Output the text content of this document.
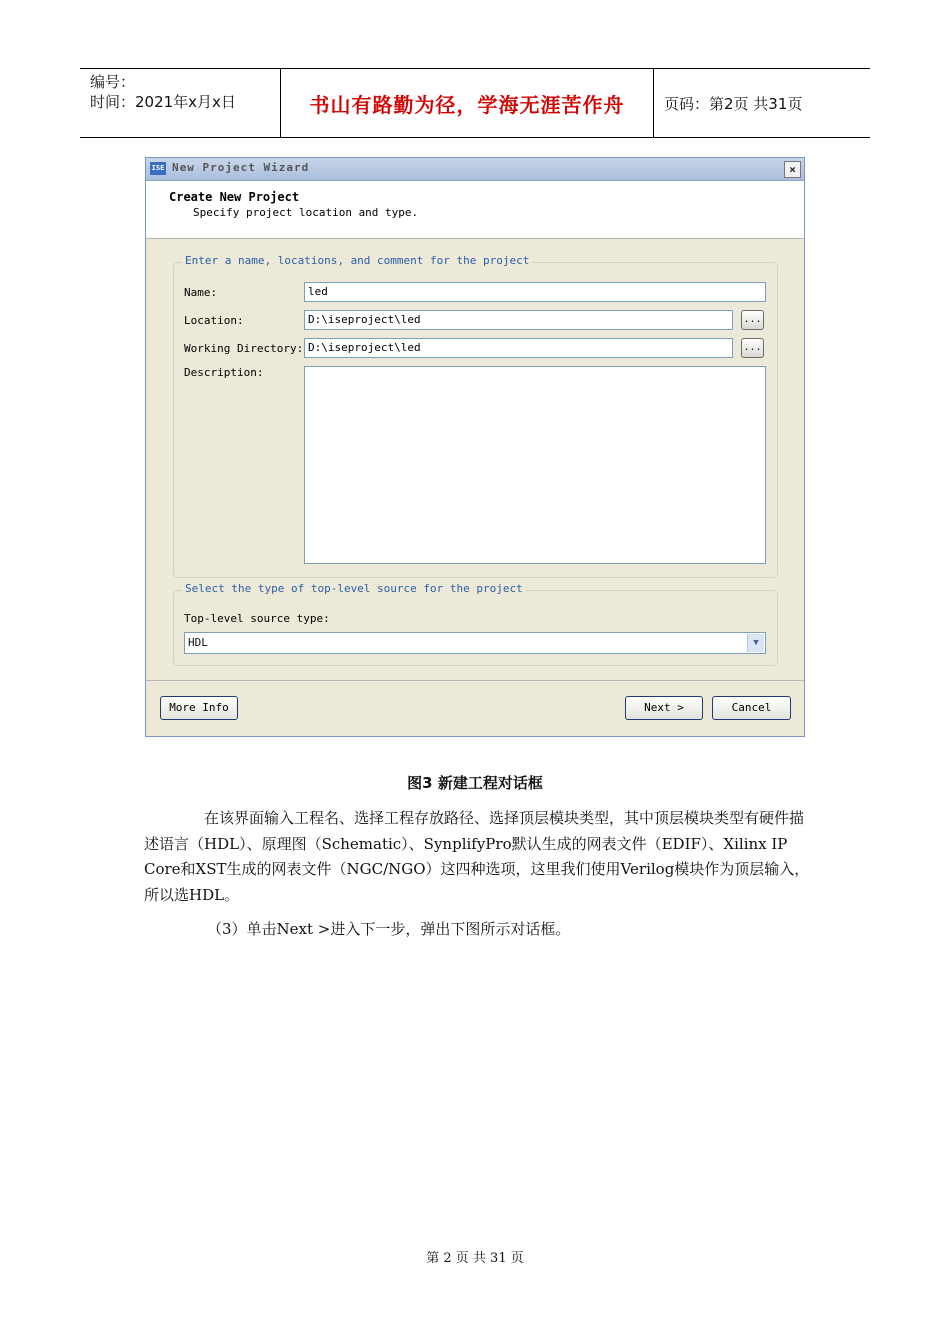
编号：
时间：2021年x月x日	书山有路勤为径，学海无涯苦作舟	页码：第2页 共31页
ISE New Project Wizard	×
Create New Project
Specify project location and type.
Enter a name, locations, and comment for the project
Name:	led
Location:	D:\iseproject\led	...
Working Directory: D:\iseproject\led	...
Description:
Select the type of top-level source for the project
Top-level source type:
HDL	▼
More Info	Next >	Cancel
图3 新建工程对话框

在该界面输入工程名、选择工程存放路径、选择顶层模块类型，其中顶层模块类型有硬件描述语言（HDL）、原理图（Schematic）、SynplifyPro默认生成的网表文件（EDIF）、Xilinx IP Core和XST生成的网表文件（NGC/NGO）这四种选项，这里我们使用Verilog模块作为顶层输入，所以选HDL。

（3）单击Next >进入下一步，弹出下图所示对话框。

第 2 页 共 31 页
